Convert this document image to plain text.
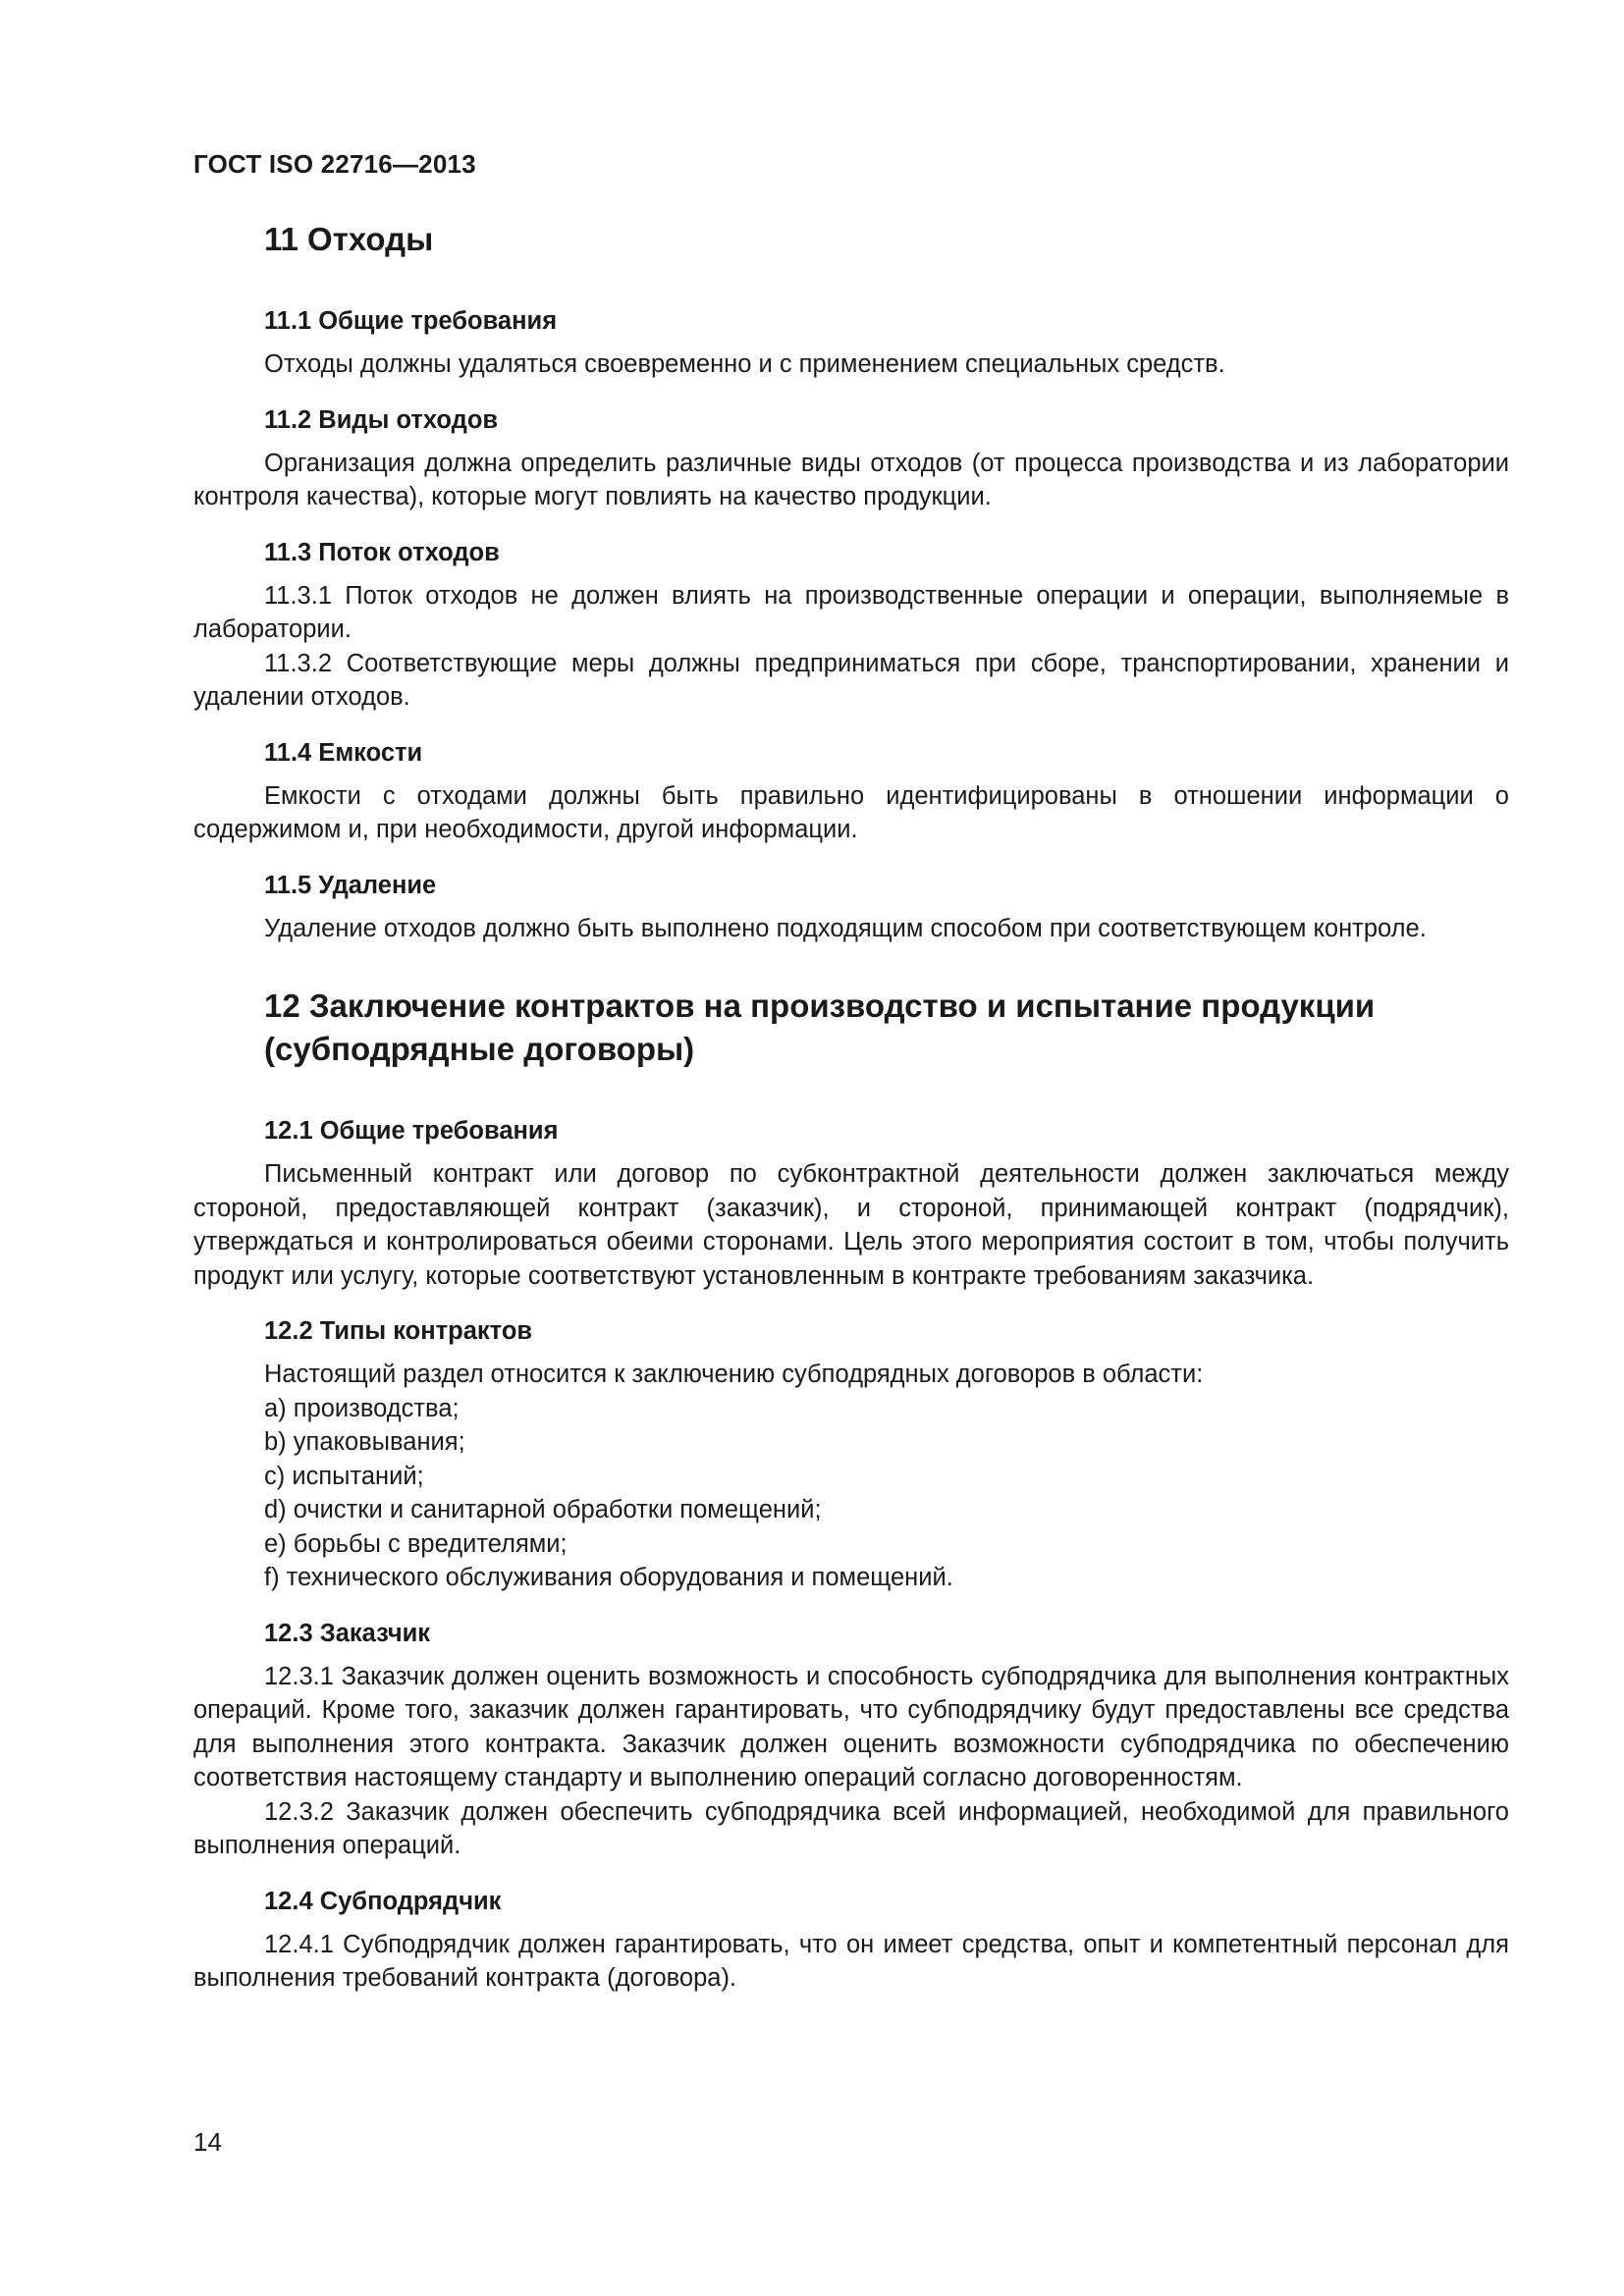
ГОСТ ISO 22716—2013
11 Отходы
11.1 Общие требования

Отходы должны удаляться своевременно и с применением специальных средств.

11.2 Виды отходов

Организация должна определить различные виды отходов (от процесса производства и из лаборатории контроля качества), которые могут повлиять на качество продукции.

11.3 Поток отходов

11.3.1 Поток отходов не должен влиять на производственные операции и операции, выполняемые в лаборатории.

11.3.2 Соответствующие меры должны предприниматься при сборе, транспортировании, хранении и удалении отходов.

11.4 Емкости

Емкости с отходами должны быть правильно идентифицированы в отношении информации о содержимом и, при необходимости, другой информации.

11.5 Удаление

Удаление отходов должно быть выполнено подходящим способом при соответствующем контроле.

12 Заключение контрактов на производство и испытание продукции
(субподрядные договоры)
12.1 Общие требования

Письменный контракт или договор по субконтрактной деятельности должен заключаться между стороной, предоставляющей контракт (заказчик), и стороной, принимающей контракт (подрядчик), утверждаться и контролироваться обеими сторонами. Цель этого мероприятия состоит в том, чтобы получить продукт или услугу, которые соответствуют установленным в контракте требованиям заказчика.

12.2 Типы контрактов

Настоящий раздел относится к заключению субподрядных договоров в области:

a) производства;

b) упаковывания;

c) испытаний;

d) очистки и санитарной обработки помещений;

e) борьбы с вредителями;

f) технического обслуживания оборудования и помещений.

12.3 Заказчик

12.3.1 Заказчик должен оценить возможность и способность субподрядчика для выполнения контрактных операций. Кроме того, заказчик должен гарантировать, что субподрядчику будут предоставлены все средства для выполнения этого контракта. Заказчик должен оценить возможности субподрядчика по обеспечению соответствия настоящему стандарту и выполнению операций согласно договоренностям.

12.3.2 Заказчик должен обеспечить субподрядчика всей информацией, необходимой для правильного выполнения операций.

12.4 Субподрядчик

12.4.1 Субподрядчик должен гарантировать, что он имеет средства, опыт и компетентный персонал для выполнения требований контракта (договора).

14
